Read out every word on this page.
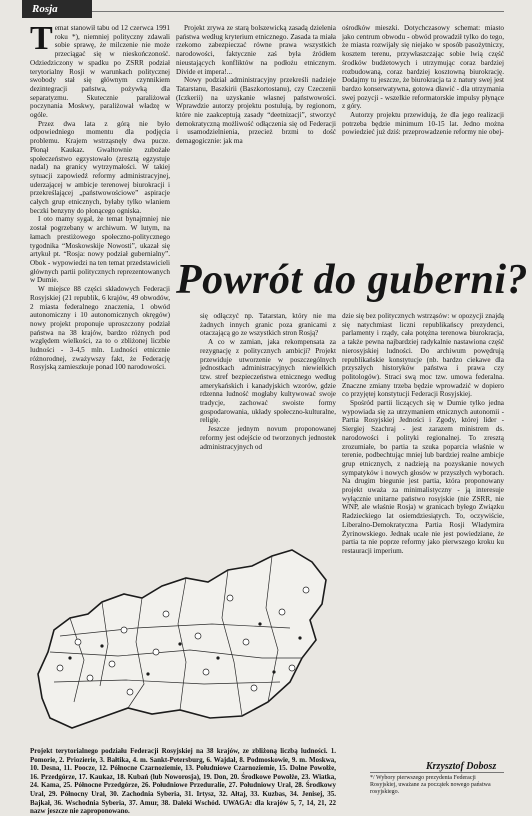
Rosja
T emat stanowił tabu od 12 czerwca 1991 roku *), niemniej polityczny zdawali sobie sprawę, że milczenie nie może przeciągać się w nieskończoność. Odziedziczony w spadku po ZSRR podział terytorialny Rosji w warunkach politycznej swobody stał się głównym czynnikiem dezintegracji państwa, pożywką dla separatyzmu. Skutecznie paraliżował poczynania Moskwy, paraliżował władzę w ogóle.

Przez dwa lata z górą nie było odpowiedniego momentu dla podjęcia problemu. Krajem wstrząsnęły dwa pucze. Płonął Kaukaz. Gwałtownie zubożałe społeczeństwo egzystowało (zresztą egzystuje nadal) na granicy wytrzymałości. W takiej sytuacji zapowiedź reformy administracyjnej, uderzającej w ambicje terenowej biurokracji i przekreślającej „państwowościowe” aspiracje całych grup etnicznych, byłaby tylko wlaniem beczki benzyny do płonącego ogniska.

I oto mamy sygał, że temat bynajmniej nie został pogrzebany w archiwum. W lutym, na łamach prestiżowego społeczno-politycznego tygodnika “Moskowskije Nowosti”, ukazał się artykuł pt. “Rosja: nowy podział gubernialny”. Obok - wypowiedzi na ten temat przedstawicieli głównych partii politycznych reprezentowanych w Dumie.

W miejsce 88 części składowych Federacji Rosyjskiej (21 republik, 6 krajów, 49 obwodów, 2 miasta federalnego znaczenia, 1 obwód autonomiczny i 10 autonomicznych okręgów) nowy projekt proponuje uproszczony podział państwa na 38 krajów, bardzo różnych pod względem wielkości, za to o zbliżonej liczbie ludności - 3-4,5 mln. Ludności etnicznie różnorodnej, zważywszy fakt, że Federację Rosyjską zamieszkuje ponad 100 narodowości.

Projekt zrywa ze starą bolszewicką zasadą dzielenia państwa według kryterium etnicznego. Zasada ta miała rzekomo zabezpieczać równe prawa wszystkich narodowości, faktycznie zaś była źródłem nieustających konfliktów na podłożu etnicznym. Divide et impera!...

Nowy podział administracyjny przekreśli nadzieje Tatarstanu, Baszkirii (Baszkortostanu), czy Czeczenii (Iczkerii) na uzyskanie własnej państwowości. Wprawdzie autorzy projektu postulują, by regionom, które nie zaakceptują zasady “deetnizacji”, stworzyć demokratyczną możliwość odłączenia się od Federacji i usamodzielnienia, przecież brzmi to dość demagogicznie: jak ma

ośrodków mieszki. Dotychczasowy schemat: miasto jako centrum obwodu - obwód prowadził tylko do tego, że miasta rozwijały się niejako w sposób pasożytniczy, kosztem terenu, przywłaszczając sobie lwią część środków budżetowych i utrzymując coraz bardziej rozbudowaną, coraz bardziej kosztowną biurokrację. Dodajmy tu jeszcze, że biurokracja ta z natury swej jest bardzo konserwatywna, gotowa dławić - dla utrzymania swej pozycji - wszelkie reformatorskie impulsy płynące z góry.

Autorzy projektu przewidują, że dla jego realizacji potrzeba będzie minimum 10-15 lat. Jedno można powiedzieć już dziś: przeprowadzenie reformy nie obej-

Powrót do guberni?

się odłączyć np. Tatarstan, który nie ma żadnych innych granic poza granicami z otaczającą go ze wszystkich stron Rosją?

A co w zamian, jaka rekompensata za rezygnację z politycznych ambicji? Projekt przewiduje utworzenie w poszczególnych jednostkach administracyjnych niewielkich tzw. stref bezpieczeństwa etnicznego według amerykańskich i kanadyjskich wzorów, gdzie rdzenna ludność mogłaby kultywować swoje tradycje, zachować swoiste formy gospodarowania, układy społeczno-kulturalne, religię.

Jeszcze jednym novum proponowanej reformy jest odejście od tworzonych jednostek administracyjnych od

dzie się bez politycznych wstrząsów: w opozycji znajdą się natychmiast liczni republikańscy prezydenci, parlamenty i rządy, cała potężna terenowa biurokracja, a także pewna najbardziej radykalnie nastawiona część nierosyjskiej ludności. Do archiwum powędrują republikańskie konstytucje (nb. bardzo ciekawe dla przyszłych historyków państwa i prawa czy politologów). Straci swą moc tzw. umowa federalna. Znaczne zmiany trzeba będzie wprowadzić w dopiero co przyjętej konstytucji Federacji Rosyjskiej.

Spośród partii liczących się w Dumie tylko jedna wypowiada się za utrzymaniem etnicznych autonomii - Partia Rosyjskiej Jedności i Zgody, której lider - Siergiej Szachraj - jest zarazem ministrem ds. narodowości i polityki regionalnej. To zresztą zrozumiałe, bo partia ta szuka poparcia właśnie w terenie, podbechtując mniej lub bardziej realne ambicje grup etnicznych, z nadzieją na pozyskanie nowych sympatyków i nowych głosów w przyszłych wyborach. Na drugim biegunie jest partia, która proponowany projekt uważa za minimalistyczny - ją interesuje wyłącznie unitarne państwo rosyjskie (nie ZSRR, nie WNP, ale właśnie Rosja) w granicach byłego Związku Radzieckiego lat osiemdziesiątych. To, oczywiście, Liberalno-Demokratyczna Partia Rosji Władymira Żyrinowskiego. Jednak ucale nie jest powiedziane, że partia ta nie poprze reformy jako pierwszego kroku ku restauracji imperium.

Projekt terytorialnego podziału Federacji Rosyjskiej na 38 krajów, ze zbliżoną liczbą ludności. 1. Pomorie, 2. Priozierie, 3. Bałtika, 4. m. Sankt-Petersburg, 6. Wajdał, 8. Podmoskowie, 9. m. Moskwa, 10. Desna, 11. Poocze, 12. Północne Czarnoziemie, 13. Południowe Czarnoziemie, 15. Dolne Powołże, 16. Przedgórze, 17. Kaukaz, 18. Kubań (lub Noworosja), 19. Don, 20. Środkowe Powołże, 23. Wiatka, 24. Kama, 25. Północne Przedgórze, 26. Południowe Przeduralie, 27. Południowy Ural, 28. Środkowy Ural, 29. Północny Ural, 30. Zachodnia Syberia, 31. Irtysz, 32. Ałtaj, 33. Kuzbas, 34. Jenisej, 35. Bajkał, 36. Wschodnia Syberia, 37. Amur, 38. Daleki Wschód. UWAGA: dla krajów 5, 7, 14, 21, 22 nazw jeszcze nie zaproponowano.
Krzysztof Dobosz
*/ Wybory pierwszego prezydenta Federacji Rosyjskiej, uważane za początek nowego państwa rosyjskiego.
